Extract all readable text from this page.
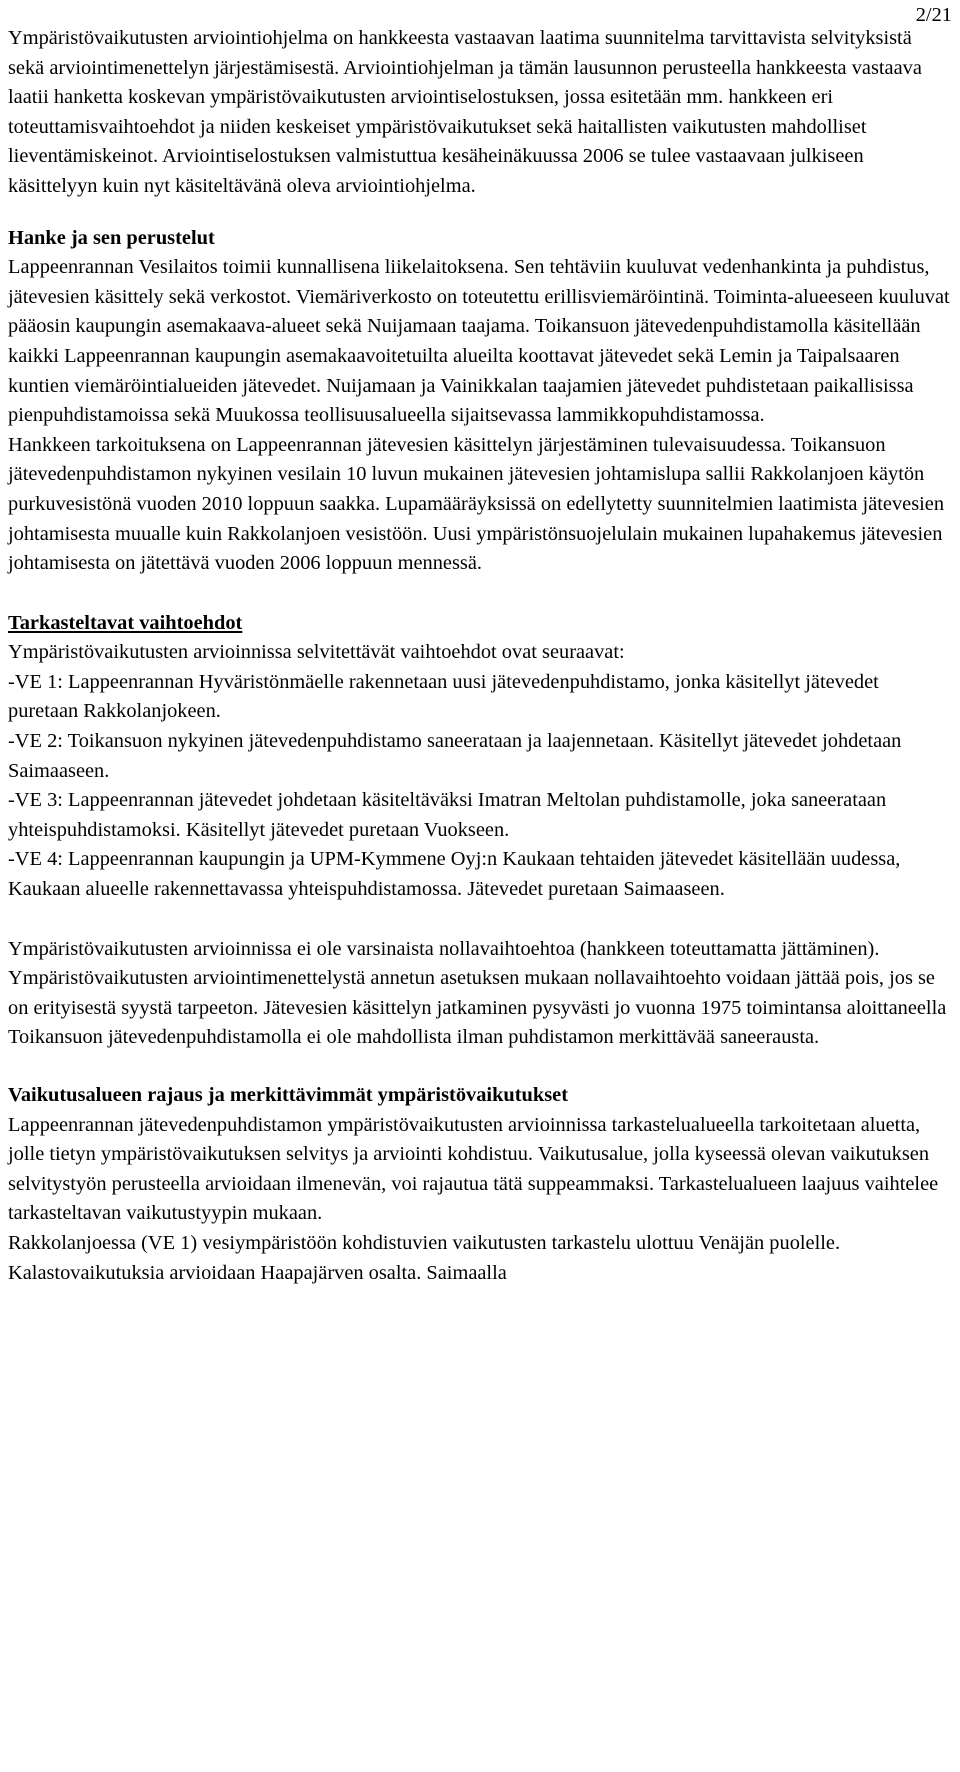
2/21

Ympäristövaikutusten arviointiohjelma on hankkeesta vastaavan laatima suunnitelma tarvittavista selvityksistä sekä arviointimenettelyn järjestämisestä. Arviointiohjelman ja tämän lausunnon perusteella hankkeesta vastaava laatii hanketta koskevan ympäristövaikutusten arviointiselostuksen, jossa esitetään mm. hankkeen eri toteuttamisvaihtoehdot ja niiden keskeiset ympäristövaikutukset sekä haitallisten vaikutusten mahdolliset lieventämiskeinot. Arviointiselostuksen valmistuttua kesäheinäkuussa 2006 se tulee vastaavaan julkiseen käsittelyyn kuin nyt käsiteltävänä oleva arviointiohjelma.

Hanke ja sen perustelut

Lappeenrannan Vesilaitos toimii kunnallisena liikelaitoksena. Sen tehtäviin kuuluvat vedenhankinta ja puhdistus, jätevesien käsittely sekä verkostot. Viemäriverkosto on toteutettu erillisviemäröintinä. Toiminta-alueeseen kuuluvat pääosin kaupungin asemakaava-alueet sekä Nuijamaan taajama. Toikansuon jätevedenpuhdistamolla käsitellään kaikki Lappeenrannan kaupungin asemakaavoitetuilta alueilta koottavat jätevedet sekä Lemin ja Taipalsaaren kuntien viemäröintialueiden jätevedet. Nuijamaan ja Vainikkalan taajamien jätevedet puhdistetaan paikallisissa pienpuhdistamoissa sekä Muukossa teollisuusalueella sijaitsevassa lammikkopuhdistamossa.

Hankkeen tarkoituksena on Lappeenrannan jätevesien käsittelyn järjestäminen tulevaisuudessa. Toikansuon jätevedenpuhdistamon nykyinen vesilain 10 luvun mukainen jätevesien johtamislupa sallii Rakkolanjoen käytön purkuvesistönä vuoden 2010 loppuun saakka. Lupamääräyksissä on edellytetty suunnitelmien laatimista jätevesien johtamisesta muualle kuin Rakkolanjoen vesistöön. Uusi ympäristönsuojelulain mukainen lupahakemus jätevesien johtamisesta on jätettävä vuoden 2006 loppuun mennessä.

Tarkasteltavat vaihtoehdot

Ympäristövaikutusten arvioinnissa selvitettävät vaihtoehdot ovat seuraavat:

-VE 1: Lappeenrannan Hyväristönmäelle rakennetaan uusi jätevedenpuhdistamo, jonka käsitellyt jätevedet puretaan Rakkolanjokeen.

-VE 2: Toikansuon nykyinen jätevedenpuhdistamo saneerataan ja laajennetaan. Käsitellyt jätevedet johdetaan Saimaaseen.

-VE 3: Lappeenrannan jätevedet johdetaan käsiteltäväksi Imatran Meltolan puhdistamolle, joka saneerataan yhteispuhdistamoksi. Käsitellyt jätevedet puretaan Vuokseen.

-VE 4: Lappeenrannan kaupungin ja UPM-Kymmene Oyj:n Kaukaan tehtaiden jätevedet käsitellään uudessa, Kaukaan alueelle rakennettavassa yhteispuhdistamossa. Jätevedet puretaan Saimaaseen.

Ympäristövaikutusten arvioinnissa ei ole varsinaista nollavaihtoehtoa (hankkeen toteuttamatta jättäminen). Ympäristövaikutusten arviointimenettelystä annetun asetuksen mukaan nollavaihtoehto voidaan jättää pois, jos se on erityisestä syystä tarpeeton. Jätevesien käsittelyn jatkaminen pysyvästi jo vuonna 1975 toimintansa aloittaneella Toikansuon jätevedenpuhdistamolla ei ole mahdollista ilman puhdistamon merkittävää saneerausta.

Vaikutusalueen rajaus ja merkittävimmät ympäristövaikutukset

Lappeenrannan jätevedenpuhdistamon ympäristövaikutusten arvioinnissa tarkastelualueella tarkoitetaan aluetta, jolle tietyn ympäristövaikutuksen selvitys ja arviointi kohdistuu. Vaikutusalue, jolla kyseessä olevan vaikutuksen selvitystyön perusteella arvioidaan ilmenevän, voi rajautua tätä suppeammaksi. Tarkastelualueen laajuus vaihtelee tarkasteltavan vaikutustyypin mukaan.

Rakkolanjoessa (VE 1) vesiympäristöön kohdistuvien vaikutusten tarkastelu ulottuu Venäjän puolelle. Kalastovaikutuksia arvioidaan Haapajärven osalta. Saimaalla
